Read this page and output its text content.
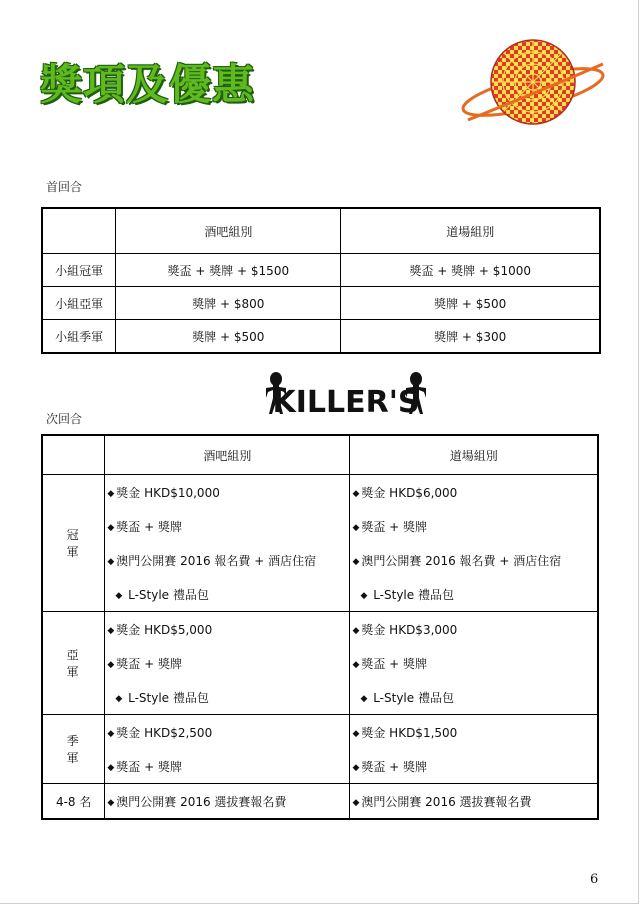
獎項及優惠
首回合
	酒吧組別	道場組別
小組冠軍	獎盃 + 獎牌 + $1500	獎盃 + 獎牌 + $1000
小組亞軍	獎牌 + $800	獎牌 + $500
小組季軍	獎牌 + $500	獎牌 + $300
KILLER'S
次回合
	酒吧組別	道場組別
冠 軍	◆ 獎金 HKD$10,000	◆ 獎金 HKD$6,000
	◆ 獎盃 + 獎牌	◆ 獎盃 + 獎牌
	◆ 澳門公開賽 2016 報名費 + 酒店住宿	◆ 澳門公開賽 2016 報名費 + 酒店住宿
	◆ L-Style 禮品包	◆ L-Style 禮品包
亞 軍	◆ 獎金 HKD$5,000	◆ 獎金 HKD$3,000
	◆ 獎盃 + 獎牌	◆ 獎盃 + 獎牌
	◆ L-Style 禮品包	◆ L-Style 禮品包
季 軍	◆ 獎金 HKD$2,500	◆ 獎金 HKD$1,500
	◆ 獎盃 + 獎牌	◆ 獎盃 + 獎牌
4-8 名	◆ 澳門公開賽 2016 選拔賽報名費	◆ 澳門公開賽 2016 選拔賽報名費
6
